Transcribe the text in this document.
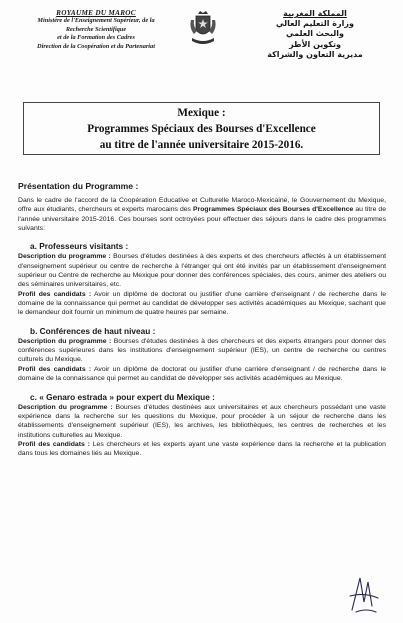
ROYAUME DU MAROC
Ministère de l'Enseignement Supérieur, de la
Recherche Scientifique
et de la Formation des Cadres
Direction de la Coopération et du Partenariat
المملكة المغربية
وزارة التعليم العالي
والبحث العلمي
وتكوين الأطر
مديرية التعاون والشراكة
Mexique :
Programmes Spéciaux des Bourses d'Excellence
au titre de l'année universitaire 2015-2016.
Présentation du Programme :

Dans le cadre de l'accord de la Coopération Educative et Culturelle Maroco-Mexicaine, le Gouvernement du Mexique, offre aux étudiants, chercheurs et experts marocains des Programmes Spéciaux des Bourses d'Excellence au titre de l'année universitaire 2015-2016. Ces bourses sont octroyées pour effectuer des séjours dans le cadre des programmes suivants:

a. Professeurs visitants :

Description du programme : Bourses d'études destinées à des experts et des chercheurs affectés à un établissement d'enseignement supérieur ou centre de recherche à l'étranger qui ont été invités par un établissement d'enseignement supérieur ou Centre de recherche au Mexique pour donner des conférences spéciales, des cours, animer des ateliers ou des séminaires universitaires, etc.

Profil des candidats : Avoir un diplôme de doctorat ou justifier d'une carrière d'enseignant / de recherche dans le domaine de la connaissance qui permet au candidat de développer ses activités académiques au Mexique, sachant que le demandeur doit fournir un minimum de quatre heures par semaine.

b. Conférences de haut niveau :

Description du programme : Bourses d'études destinées à des chercheurs et des experts étrangers pour donner des conférences supérieures dans les institutions d'enseignement supérieur (IES), un centre de recherche ou centres culturels du Mexique.

Profil des candidats : Avoir un diplôme de doctorat ou justifier d'une carrière d'enseignant / de recherche dans le domaine de la connaissance qui permet au candidat de développer ses activités académiques au Mexique.

c. « Genaro estrada » pour expert du Mexique :

Description du programme : Bourses d'études destinées aux universitaires et aux chercheurs possédant une vaste expérience dans la recherche sur les questions du Mexique, pour procéder à un séjour de recherche dans les établissements d'enseignement supérieur (IES), les archives, les bibliothèques, les centres de recherches et les institutions culturelles au Mexique.

Profil des candidats : Les chercheurs et les experts ayant une vaste expérience dans la recherche et la publication dans tous les domaines liés au Mexique.
